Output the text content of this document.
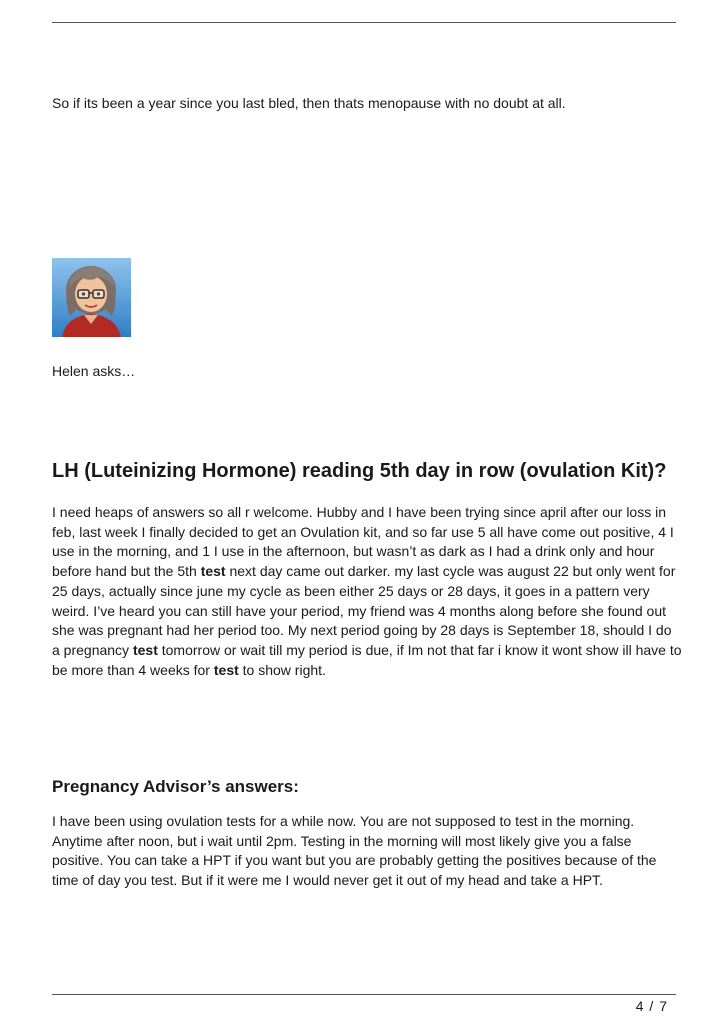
So if its been a year since you last bled, then thats menopause with no doubt at all.

Helen asks…

LH (Luteinizing Hormone) reading 5th day in row (ovulation Kit)?

I need heaps of answers so all r welcome. Hubby and I have been trying since april after our loss in feb, last week I finally decided to get an Ovulation kit, and so far use 5 all have come out positive, 4 I use in the morning, and 1 I use in the afternoon, but wasn’t as dark as I had a drink only and hour before hand but the 5th test next day came out darker. my last cycle was august 22 but only went for 25 days, actually since june my cycle as been either 25 days or 28 days, it goes in a pattern very weird. I’ve heard you can still have your period, my friend was 4 months along before she found out she was pregnant had her period too. My next period going by 28 days is September 18, should I do a pregnancy test tomorrow or wait till my period is due, if Im not that far i know it wont show ill have to be more than 4 weeks for test to show right.

Pregnancy Advisor’s answers:

I have been using ovulation tests for a while now. You are not supposed to test in the morning. Anytime after noon, but i wait until 2pm. Testing in the morning will most likely give you a false positive. You can take a HPT if you want but you are probably getting the positives because of the time of day you test. But if it were me I would never get it out of my head and take a HPT.

4 / 7
